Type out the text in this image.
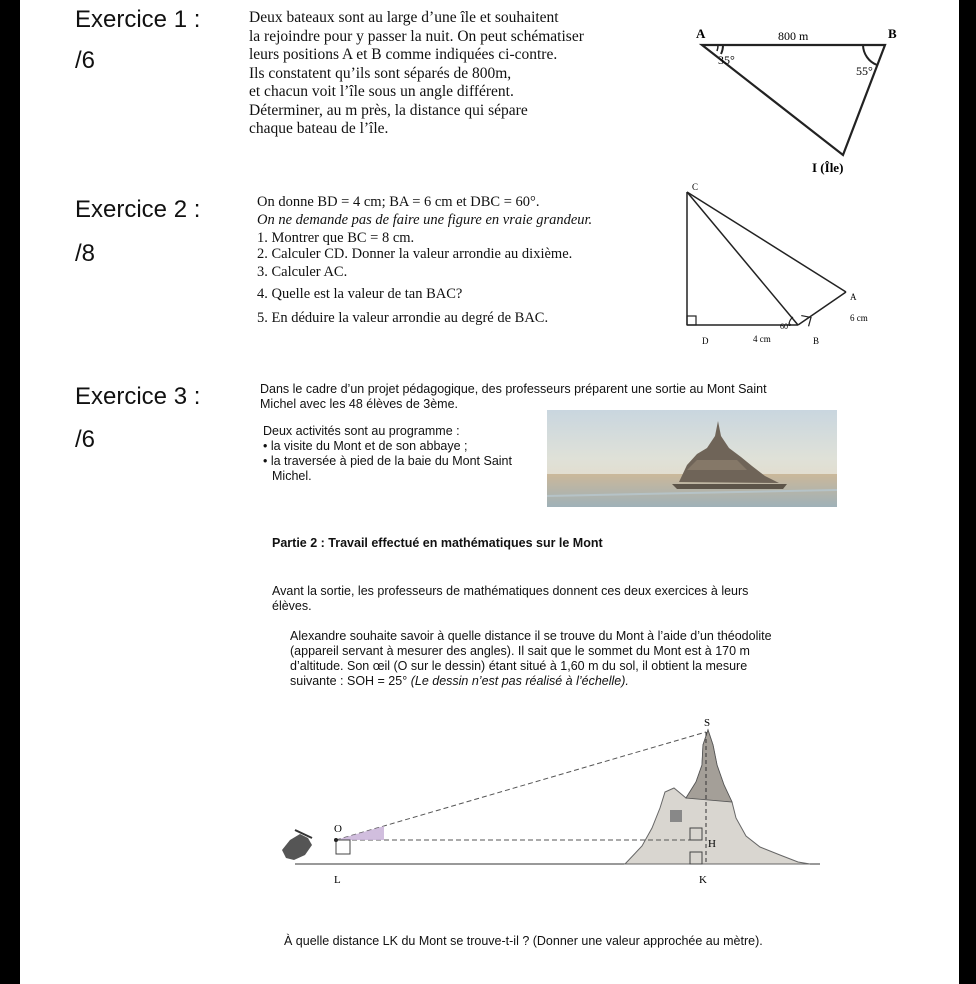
Exercice 1 :
/6
Deux bateaux sont au large d’une île et souhaitent
la rejoindre pour y passer la nuit. On peut schématiser
leurs positions A et B comme indiquées ci-contre.
Ils constatent qu’ils sont séparés de 800m,
et chacun voit l’île sous un angle différent.
Déterminer, au m près, la distance qui sépare
chaque bateau de l’île.
A	B
800 m
35°
55°
I (Île)
Exercice 2 :
/8
On donne BD = 4 cm; BA = 6 cm et DBC = 60°.
On ne demande pas de faire une figure en vraie grandeur.
1. Montrer que BC = 8 cm.
2. Calculer CD. Donner la valeur arrondie au dixième.
3. Calculer AC.
4. Quelle est la valeur de tan BAC?
5. En déduire la valeur arrondie au degré de BAC.
C
A
D	B
4 cm
6 cm
60°
Exercice 3 :
/6
Dans le cadre d’un projet pédagogique, des professeurs préparent une sortie au Mont Saint
Michel avec les 48 élèves de 3ème.
Deux activités sont au programme :
• la visite du Mont et de son abbaye ;
• la traversée à pied de la baie du Mont Saint
Michel.
Partie 2 : Travail effectué en mathématiques sur le Mont
Avant la sortie, les professeurs de mathématiques donnent ces deux exercices à leurs
élèves.
Alexandre souhaite savoir à quelle distance il se trouve du Mont à l’aide d’un théodolite
(appareil servant à mesurer des angles). Il sait que le sommet du Mont est à 170 m
d’altitude. Son œil (O sur le dessin) étant situé à 1,60 m du sol, il obtient la mesure
suivante : SOH = 25° (Le dessin n’est pas réalisé à l’échelle).
S
O
H
L	K
À quelle distance LK du Mont se trouve-t-il ? (Donner une valeur approchée au mètre).
